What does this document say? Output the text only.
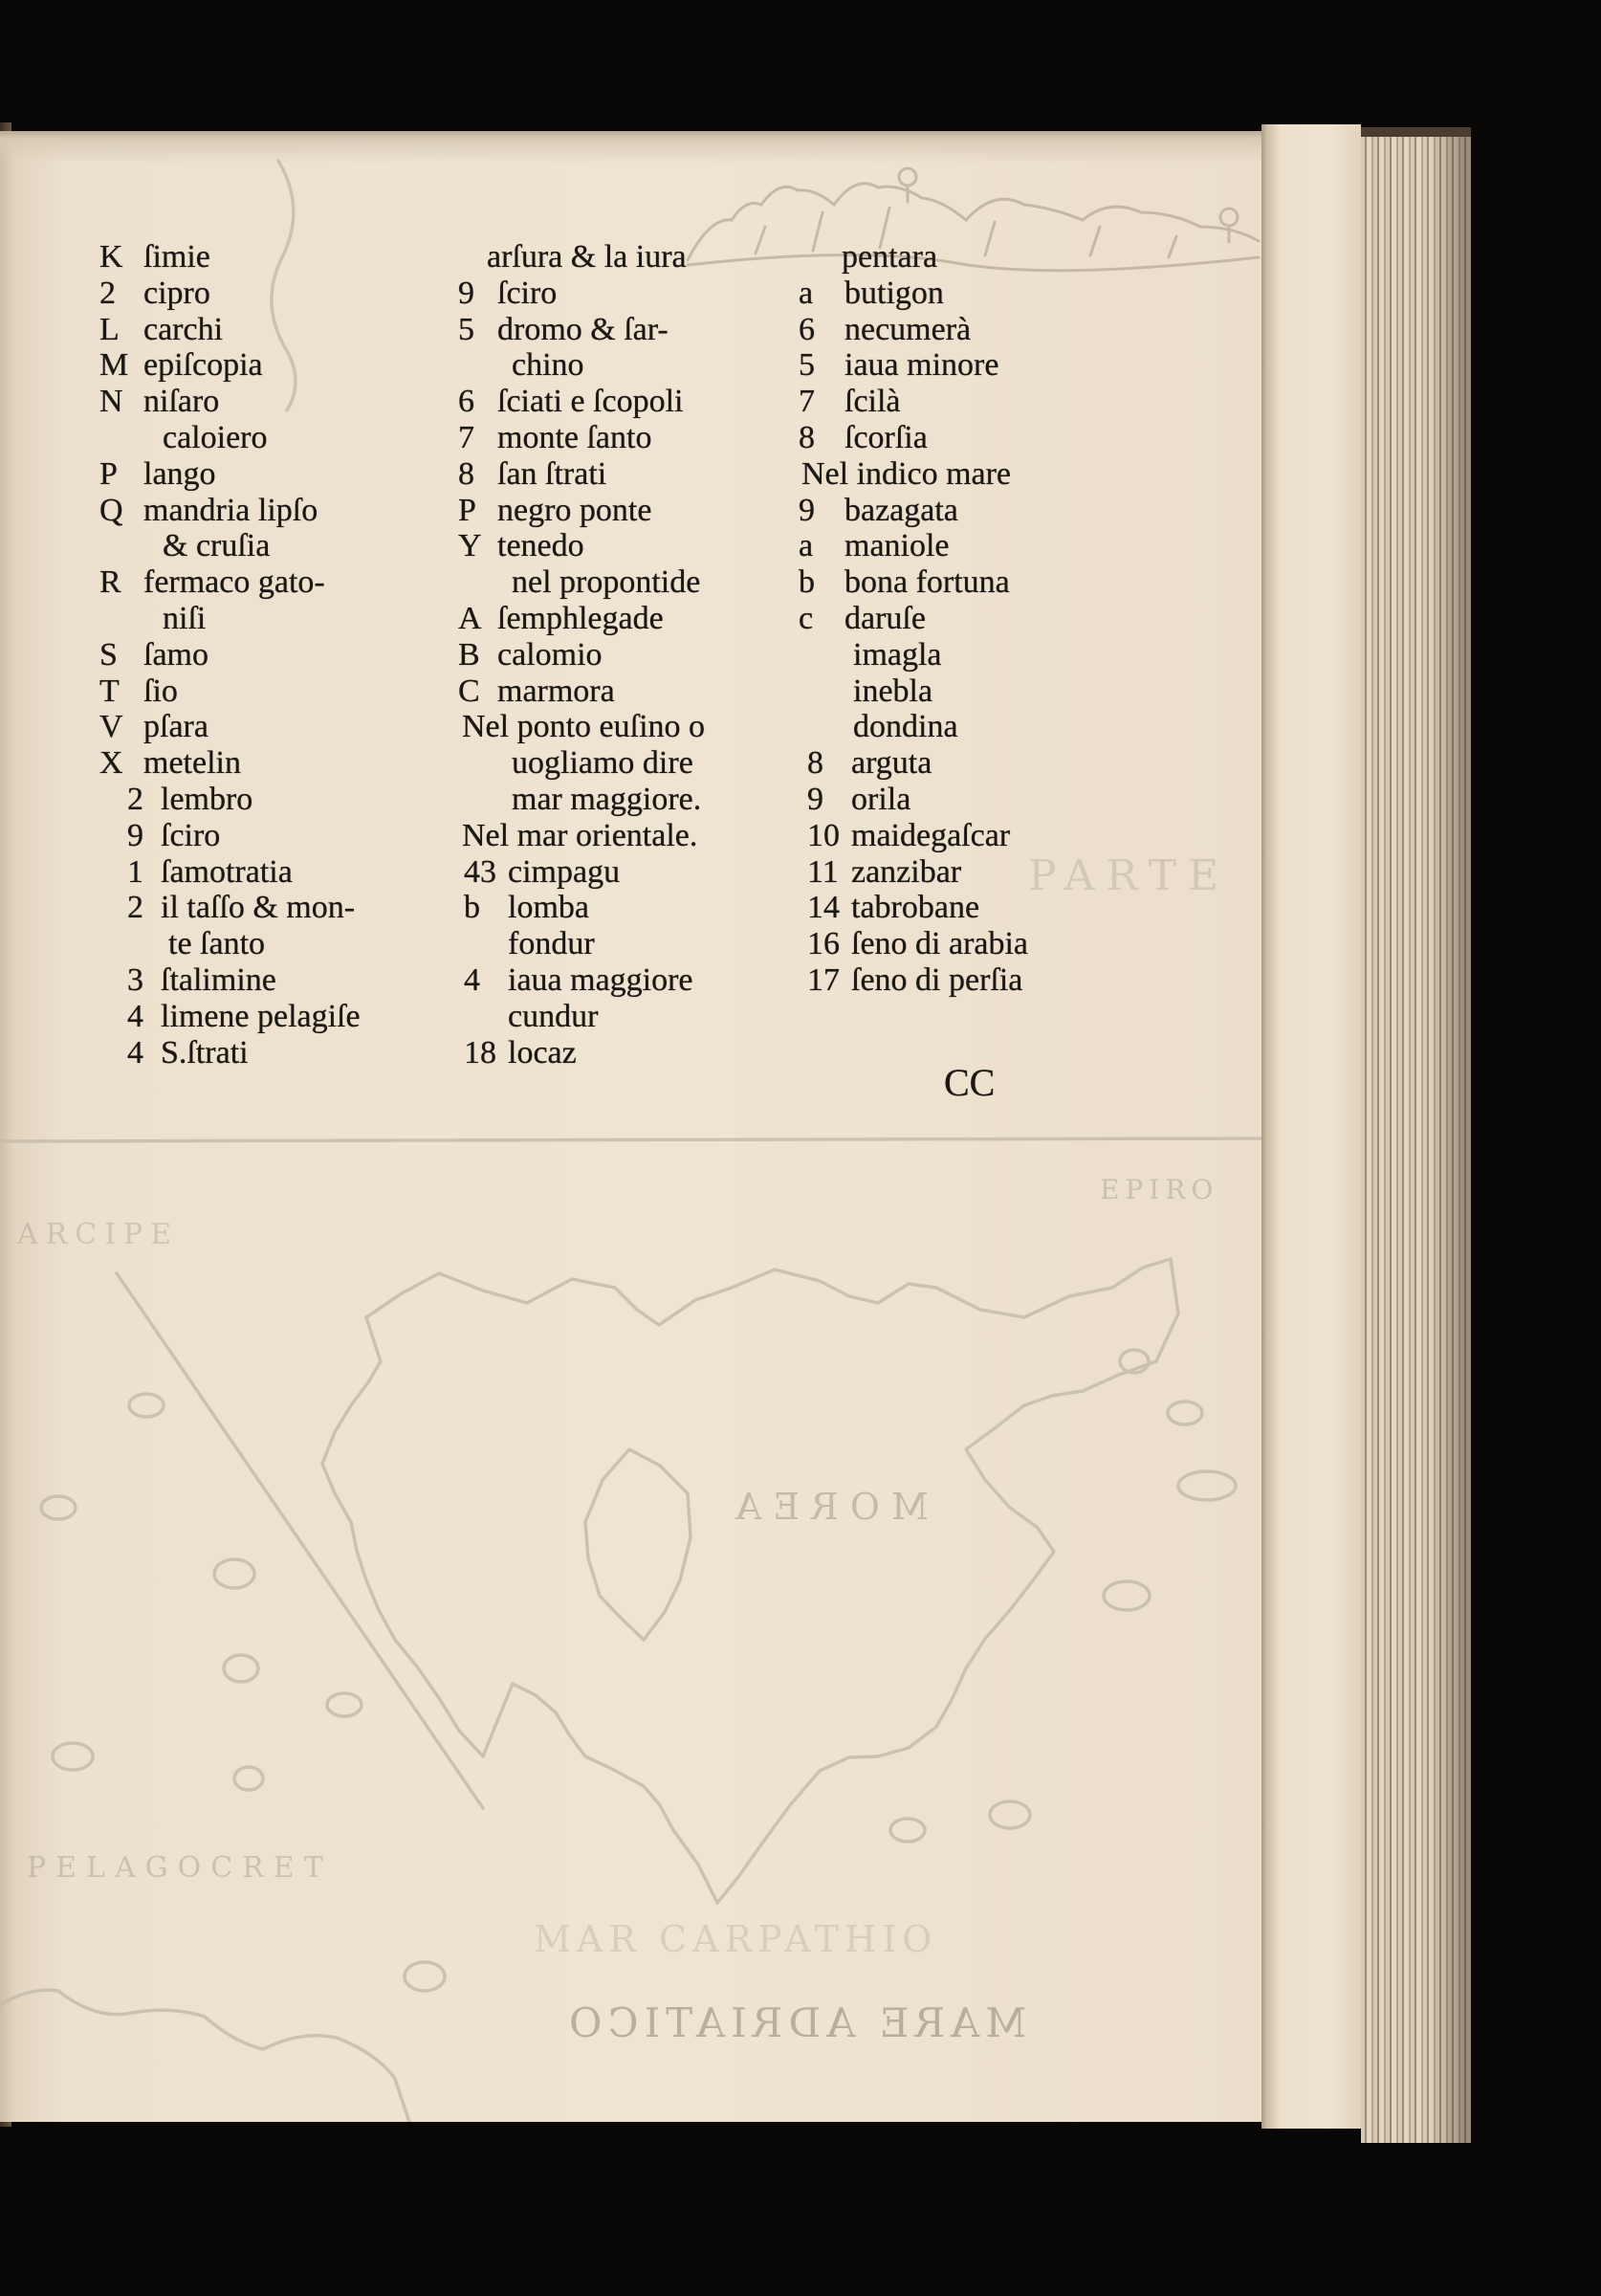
MOREA
MARE ADRIATICO
MAR CARPATHIO
EPIRO
PARTE
ARCIPE
PELAGOCRET
K ſimie
2 cipro
L carchi
M epiſcopia
N niſaro
caloiero
P lango
Q mandria lipſo
& cruſia
R fermaco gato-
niſi
S ſamo
T ſio
V pſara
X metelin
2 lembro
9 ſciro
1 ſamotratia
2 il taſſo & mon-
te ſanto
3 ſtalimine
4 limene pelagiſe
4 S.ſtrati
arſura & la iura
9 ſciro
5 dromo & ſar-
chino
6 ſciati e ſcopoli
7 monte ſanto
8 ſan ſtrati
P negro ponte
Y tenedo
nel propontide
A ſemphlegade
B calomio
C marmora
Nel ponto euſino o
uogliamo dire
mar maggiore.
Nel mar orientale.
43 cimpagu
b lomba
fondur
4 iaua maggiore
cundur
18 locaz
pentara
a butigon
6 necumerà
5 iaua minore
7 ſcilà
8 ſcorſia
Nel indico mare
9 bazagata
a maniole
b bona fortuna
c daruſe
imagla
inebla
dondina
8 arguta
9 orila
10 maidegaſcar
11 zanzibar
14 tabrobane
16 ſeno di arabia
17 ſeno di perſia
CC
